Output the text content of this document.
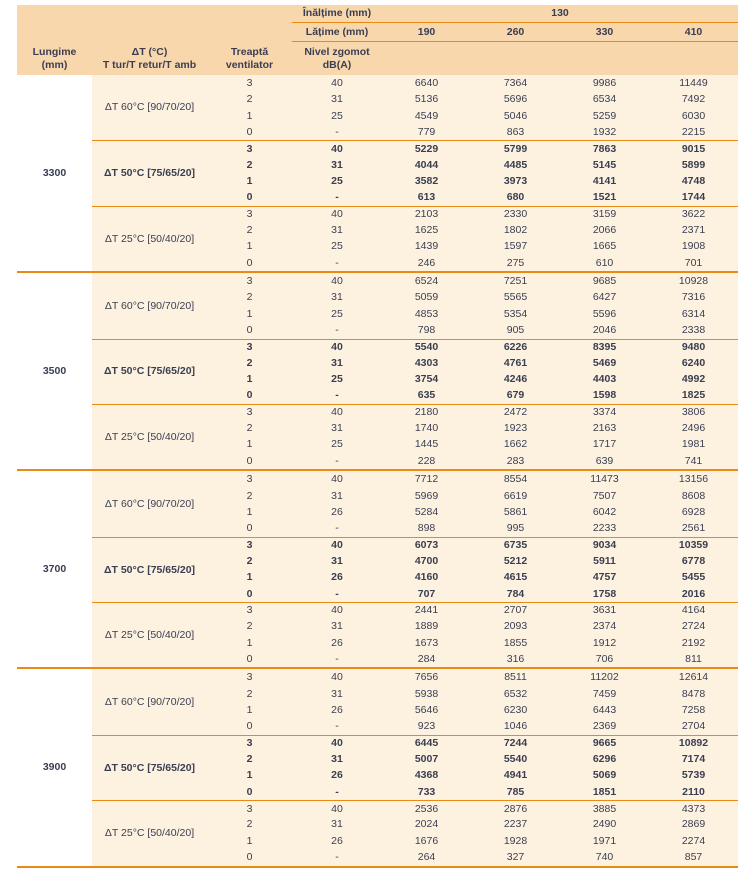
Înălțime (mm)	130
Lățime (mm)	190	260	330	410
Lungime
(mm)
ΔT (°C)
T tur/T retur/T amb
Treaptă
ventilator
Nivel zgomot
dB(A)
3300
ΔT 60°C [90/70/20]
3	40	6640	7364	9986	11449
2	31	5136	5696	6534	7492
1	25	4549	5046	5259	6030
0	-	779	863	1932	2215
ΔT 50°C [75/65/20]
3	40	5229	5799	7863	9015
2	31	4044	4485	5145	5899
1	25	3582	3973	4141	4748
0	-	613	680	1521	1744
ΔT 25°C [50/40/20]
3	40	2103	2330	3159	3622
2	31	1625	1802	2066	2371
1	25	1439	1597	1665	1908
0	-	246	275	610	701
3500
ΔT 60°C [90/70/20]
3	40	6524	7251	9685	10928
2	31	5059	5565	6427	7316
1	25	4853	5354	5596	6314
0	-	798	905	2046	2338
ΔT 50°C [75/65/20]
3	40	5540	6226	8395	9480
2	31	4303	4761	5469	6240
1	25	3754	4246	4403	4992
0	-	635	679	1598	1825
ΔT 25°C [50/40/20]
3	40	2180	2472	3374	3806
2	31	1740	1923	2163	2496
1	25	1445	1662	1717	1981
0	-	228	283	639	741
3700
ΔT 60°C [90/70/20]
3	40	7712	8554	11473	13156
2	31	5969	6619	7507	8608
1	26	5284	5861	6042	6928
0	-	898	995	2233	2561
ΔT 50°C [75/65/20]
3	40	6073	6735	9034	10359
2	31	4700	5212	5911	6778
1	26	4160	4615	4757	5455
0	-	707	784	1758	2016
ΔT 25°C [50/40/20]
3	40	2441	2707	3631	4164
2	31	1889	2093	2374	2724
1	26	1673	1855	1912	2192
0	-	284	316	706	811
3900
ΔT 60°C [90/70/20]
3	40	7656	8511	11202	12614
2	31	5938	6532	7459	8478
1	26	5646	6230	6443	7258
0	-	923	1046	2369	2704
ΔT 50°C [75/65/20]
3	40	6445	7244	9665	10892
2	31	5007	5540	6296	7174
1	26	4368	4941	5069	5739
0	-	733	785	1851	2110
ΔT 25°C [50/40/20]
3	40	2536	2876	3885	4373
2	31	2024	2237	2490	2869
1	26	1676	1928	1971	2274
0	-	264	327	740	857
